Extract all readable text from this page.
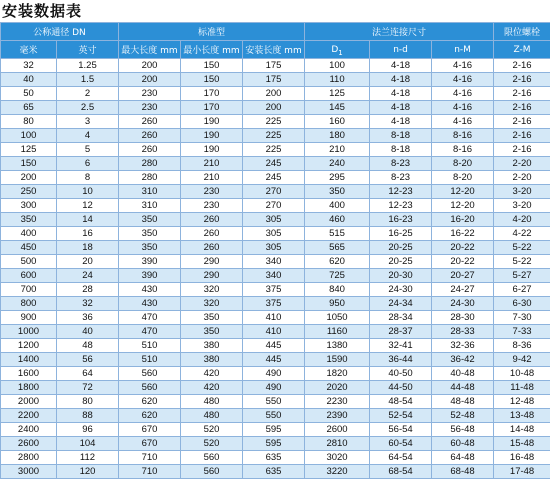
安装数据表
公称通径 DN		标准型			法兰连接尺寸			限位螺栓
毫米	英寸	最大长度 mm	最小长度 mm	安装长度 mm	$D_1$	n-d	n-M	Z-M
32	1.25	200	150	175	100	4-18	4-16	2-16
40	1.5	200	150	175	110	4-18	4-16	2-16
50	2	230	170	200	125	4-18	4-16	2-16
65	2.5	230	170	200	145	4-18	4-16	2-16
80	3	260	190	225	160	4-18	4-16	2-16
100	4	260	190	225	180	8-18	8-16	2-16
125	5	260	190	225	210	8-18	8-16	2-16
150	6	280	210	245	240	8-23	8-20	2-20
200	8	280	210	245	295	8-23	8-20	2-20
250	10	310	230	270	350	12-23	12-20	3-20
300	12	310	230	270	400	12-23	12-20	3-20
350	14	350	260	305	460	16-23	16-20	4-20
400	16	350	260	305	515	16-25	16-22	4-22
450	18	350	260	305	565	20-25	20-22	5-22
500	20	390	290	340	620	20-25	20-22	5-22
600	24	390	290	340	725	20-30	20-27	5-27
700	28	430	320	375	840	24-30	24-27	6-27
800	32	430	320	375	950	24-34	24-30	6-30
900	36	470	350	410	1050	28-34	28-30	7-30
1000	40	470	350	410	1160	28-37	28-33	7-33
1200	48	510	380	445	1380	32-41	32-36	8-36
1400	56	510	380	445	1590	36-44	36-42	9-42
1600	64	560	420	490	1820	40-50	40-48	10-48
1800	72	560	420	490	2020	44-50	44-48	11-48
2000	80	620	480	550	2230	48-54	48-48	12-48
2200	88	620	480	550	2390	52-54	52-48	13-48
2400	96	670	520	595	2600	56-54	56-48	14-48
2600	104	670	520	595	2810	60-54	60-48	15-48
2800	112	710	560	635	3020	64-54	64-48	16-48
3000	120	710	560	635	3220	68-54	68-48	17-48
